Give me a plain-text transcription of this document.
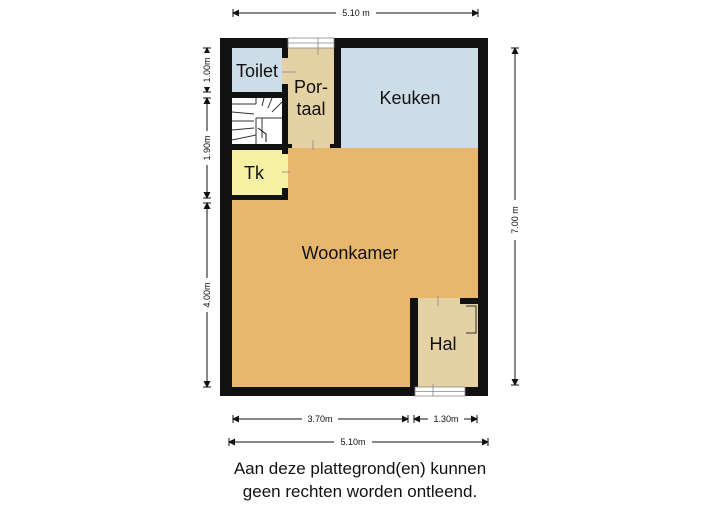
Toilet
Por-
taal
Keuken
Tk
Woonkamer
Hal
5.10 m
7.00 m
1.00m
1.90m
4.00m
3.70m	1.30m
5.10m
Aan deze plattegrond(en) kunnen
geen rechten worden ontleend.
